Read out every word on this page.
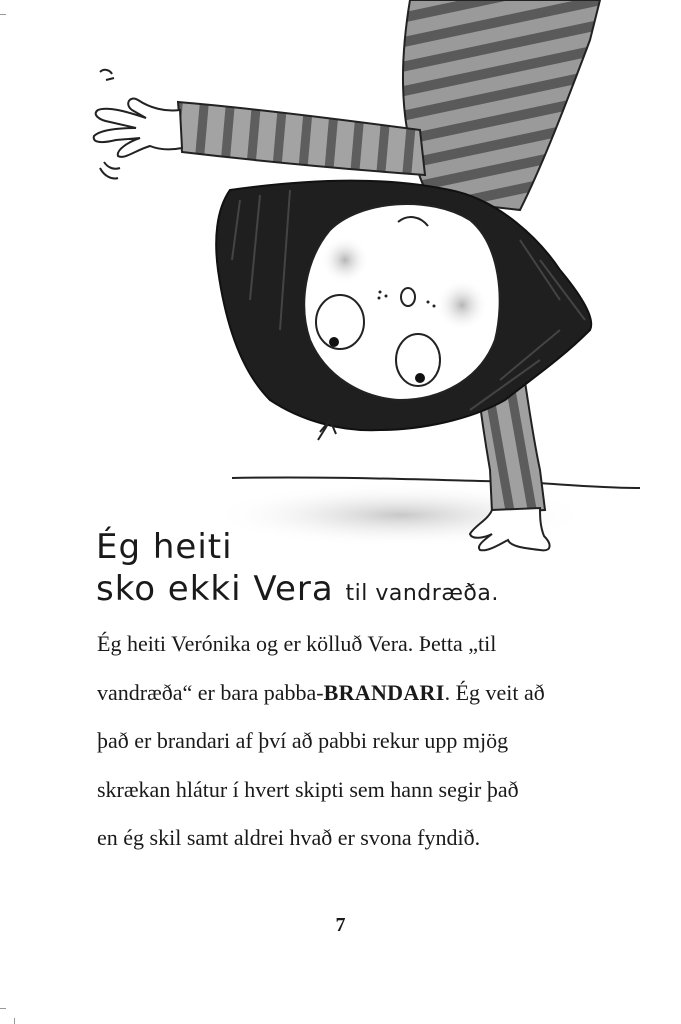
Ég heiti
sko ekki Vera til vandræða.
Ég heiti Verónika og er kölluð Vera. Þetta „til
vandræða“ er bara pabba-BRANDARI. Ég veit að
það er brandari af því að pabbi rekur upp mjög
skrækan hlátur í hvert skipti sem hann segir það
en ég skil samt aldrei hvað er svona fyndið.
7
